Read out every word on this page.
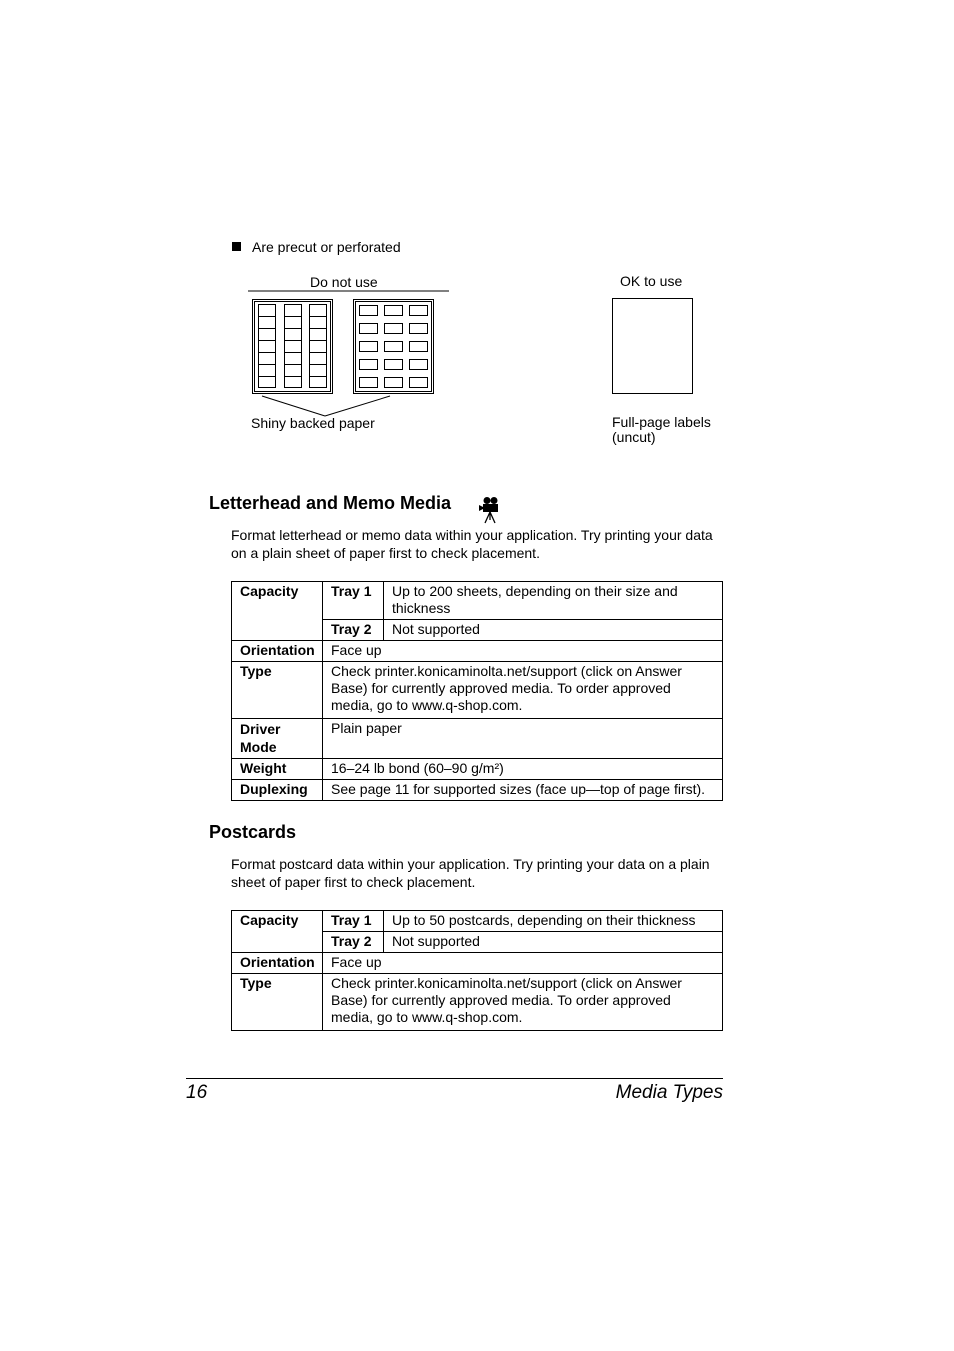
Are precut or perforated
Do not use	OK to use
Shiny backed paper	Full-page labels
(uncut)
Letterhead and Memo Media
Format letterhead or memo data within your application. Try printing your data on a plain sheet of paper first to check placement.
Capacity	Tray 1	Up to 200 sheets, depending on their size and thickness
	Tray 2	Not supported
Orientation	Face up	
Type	Check printer.konicaminolta.net/support (click on Answer Base) for currently approved media. To order approved media, go to www.q-shop.com.	
Driver Mode	Plain paper	
Weight	16–24 lb bond (60–90 g/m²)	
Duplexing	See page 11 for supported sizes (face up—top of page first).	
Postcards
Format postcard data within your application. Try printing your data on a plain sheet of paper first to check placement.
Capacity	Tray 1	Up to 50 postcards, depending on their thickness
	Tray 2	Not supported
Orientation	Face up	
Type	Check printer.konicaminolta.net/support (click on Answer Base) for currently approved media. To order approved media, go to www.q-shop.com.	
16	Media Types
